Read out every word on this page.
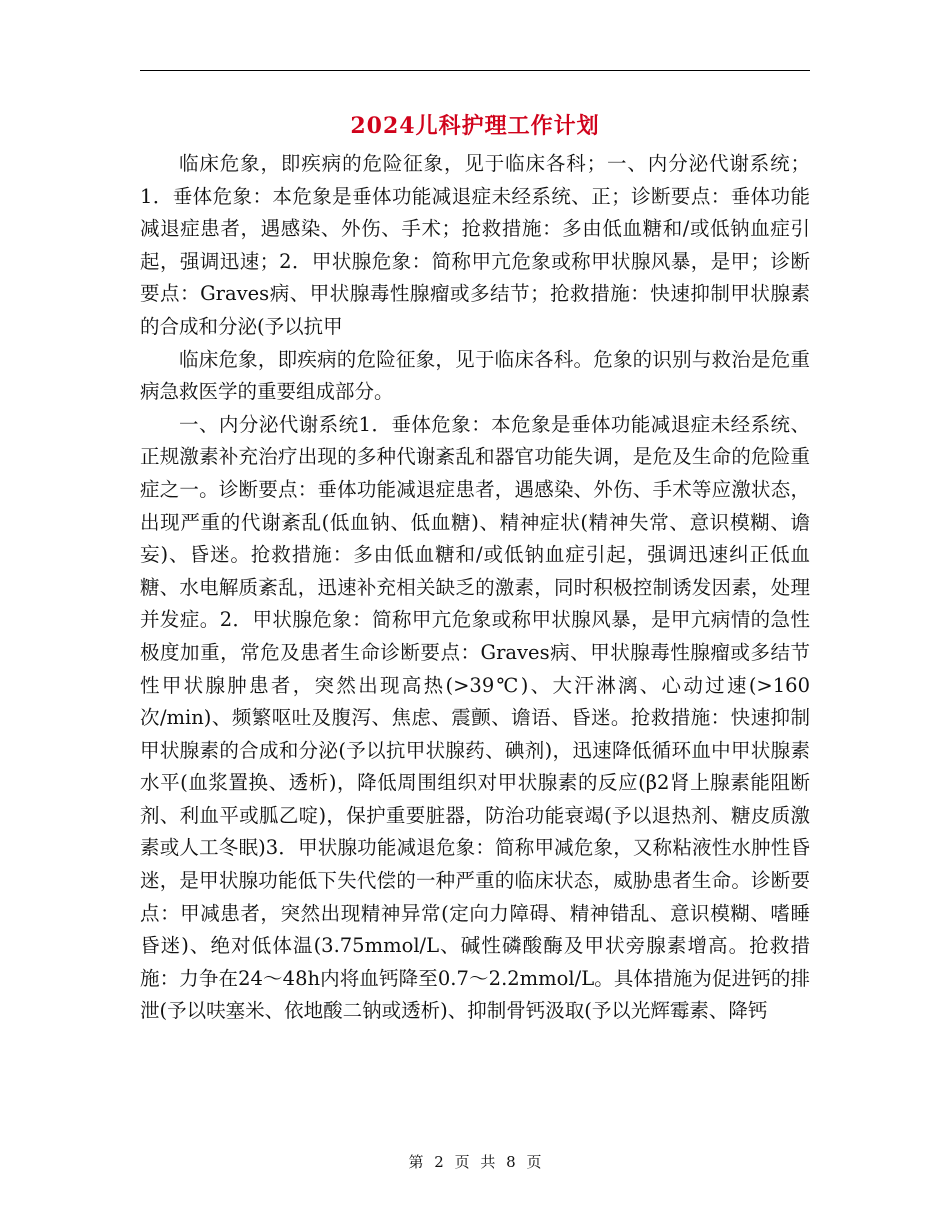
2024儿科护理工作计划

临床危象，即疾病的危险征象，见于临床各科；一、内分泌代谢系统；1．垂体危象：本危象是垂体功能减退症未经系统、正；诊断要点：垂体功能减退症患者，遇感染、外伤、手术；抢救措施：多由低血糖和/或低钠血症引起，强调迅速；2．甲状腺危象：简称甲亢危象或称甲状腺风暴，是甲；诊断要点：Graves病、甲状腺毒性腺瘤或多结节；抢救措施：快速抑制甲状腺素的合成和分泌(予以抗甲

临床危象，即疾病的危险征象，见于临床各科。危象的识别与救治是危重病急救医学的重要组成部分。

一、内分泌代谢系统1．垂体危象：本危象是垂体功能减退症未经系统、正规激素补充治疗出现的多种代谢紊乱和器官功能失调，是危及生命的危险重症之一。诊断要点：垂体功能减退症患者，遇感染、外伤、手术等应激状态，出现严重的代谢紊乱(低血钠、低血糖)、精神症状(精神失常、意识模糊、谵妄)、昏迷。抢救措施：多由低血糖和/或低钠血症引起，强调迅速纠正低血糖、水电解质紊乱，迅速补充相关缺乏的激素，同时积极控制诱发因素，处理并发症。2．甲状腺危象：简称甲亢危象或称甲状腺风暴，是甲亢病情的急性极度加重，常危及患者生命诊断要点：Graves病、甲状腺毒性腺瘤或多结节性甲状腺肿患者，突然出现高热(>39℃)、大汗淋漓、心动过速(>160次/min)、频繁呕吐及腹泻、焦虑、震颤、谵语、昏迷。抢救措施：快速抑制甲状腺素的合成和分泌(予以抗甲状腺药、碘剂)，迅速降低循环血中甲状腺素水平(血浆置换、透析)，降低周围组织对甲状腺素的反应(β2肾上腺素能阻断剂、利血平或胍乙啶)，保护重要脏器，防治功能衰竭(予以退热剂、糖皮质激素或人工冬眠)3．甲状腺功能减退危象：简称甲减危象，又称粘液性水肿性昏迷，是甲状腺功能低下失代偿的一种严重的临床状态，威胁患者生命。诊断要点：甲减患者，突然出现精神异常(定向力障碍、精神错乱、意识模糊、嗜睡昏迷)、绝对低体温(3.75mmol/L、碱性磷酸酶及甲状旁腺素增高。抢救措施：力争在24～48h内将血钙降至0.7～2.2mmol/L。具体措施为促进钙的排泄(予以呋塞米、依地酸二钠或透析)、抑制骨钙汲取(予以光辉霉素、降钙

第 2 页 共 8 页
